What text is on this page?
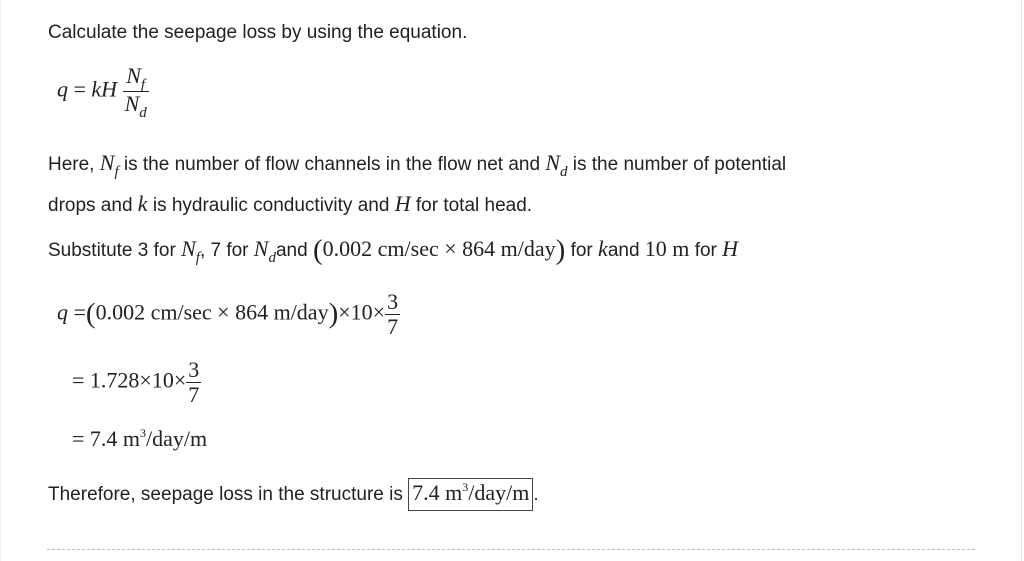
Calculate the seepage loss by using the equation.
q = kH $\frac{N_f}{N_d}$
Here, $N_f$ is the number of flow channels in the flow net and $N_d$ is the number of potential
drops and k is hydraulic conductivity and H for total head.
Substitute 3 for $N_f$, 7 for $N_dand$ (0.002 cm/sec × 864 m/day) for kand 10 m for H
q =(0.002 cm/sec × 864 $m/day)\times 10\times \frac{3}{7}$
= $1.728\times 10\times \frac{3}{7}$
= 7.4 $m^3/day/m$
Therefore, seepage loss in the structure is 7.4 $m^3/day/m$ .
